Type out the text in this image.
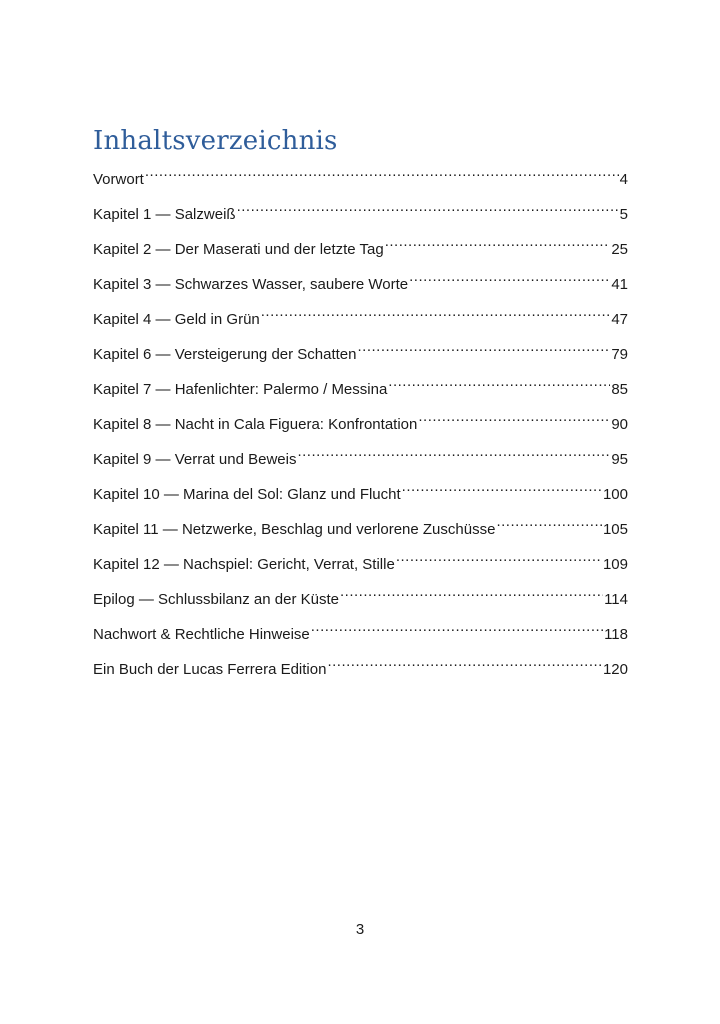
Inhaltsverzeichnis
Vorwort .....	4
Kapitel 1 — Salzweiß .....	5
Kapitel 2 — Der Maserati und der letzte Tag .....	25
Kapitel 3 — Schwarzes Wasser, saubere Worte .....	41
Kapitel 4 — Geld in Grün .....	47
Kapitel 6 — Versteigerung der Schatten .....	79
Kapitel 7 — Hafenlichter: Palermo / Messina .....	85
Kapitel 8 — Nacht in Cala Figuera: Konfrontation .....	90
Kapitel 9 — Verrat und Beweis .....	95
Kapitel 10 — Marina del Sol: Glanz und Flucht .....	100
Kapitel 11 — Netzwerke, Beschlag und verlorene Zuschüsse .....	105
Kapitel 12 — Nachspiel: Gericht, Verrat, Stille .....	109
Epilog — Schlussbilanz an der Küste .....	114
Nachwort & Rechtliche Hinweise .....	118
Ein Buch der Lucas Ferrera Edition .....	120
3
